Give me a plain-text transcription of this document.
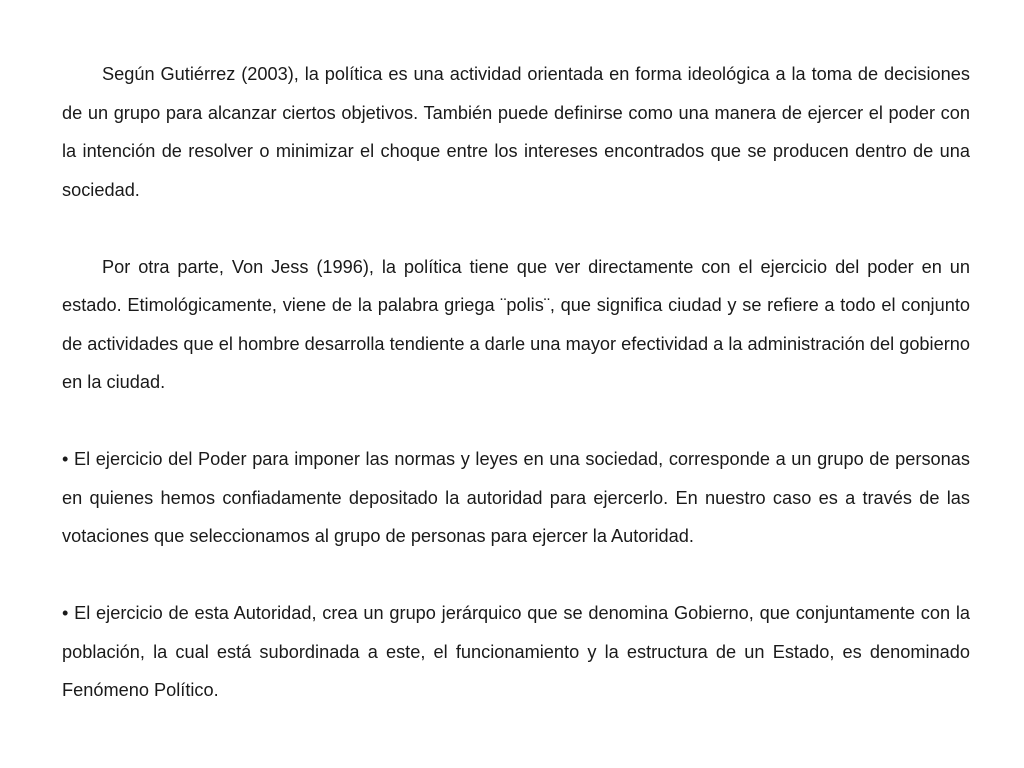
Según Gutiérrez (2003), la política es una actividad orientada en forma ideológica a la toma de decisiones de un grupo para alcanzar ciertos objetivos. También puede definirse como una manera de ejercer el poder con la intención de resolver o minimizar el choque entre los intereses encontrados que se producen dentro de una sociedad.

Por otra parte, Von Jess (1996), la política tiene que ver directamente con el ejercicio del poder en un estado. Etimológicamente, viene de la palabra griega ¨polis¨, que significa ciudad y se refiere a todo el conjunto de actividades que el hombre desarrolla tendiente a darle una mayor efectividad a la administración del gobierno en la ciudad.

• El ejercicio del Poder para imponer las normas y leyes en una sociedad, corresponde a un grupo de personas en quienes hemos confiadamente depositado la autoridad para ejercerlo. En nuestro caso es a través de las votaciones que seleccionamos al grupo de personas para ejercer la Autoridad.

• El ejercicio de esta Autoridad, crea un grupo jerárquico que se denomina Gobierno, que conjuntamente con la población, la cual está subordinada a este, el funcionamiento y la estructura de un Estado, es denominado Fenómeno Político.
